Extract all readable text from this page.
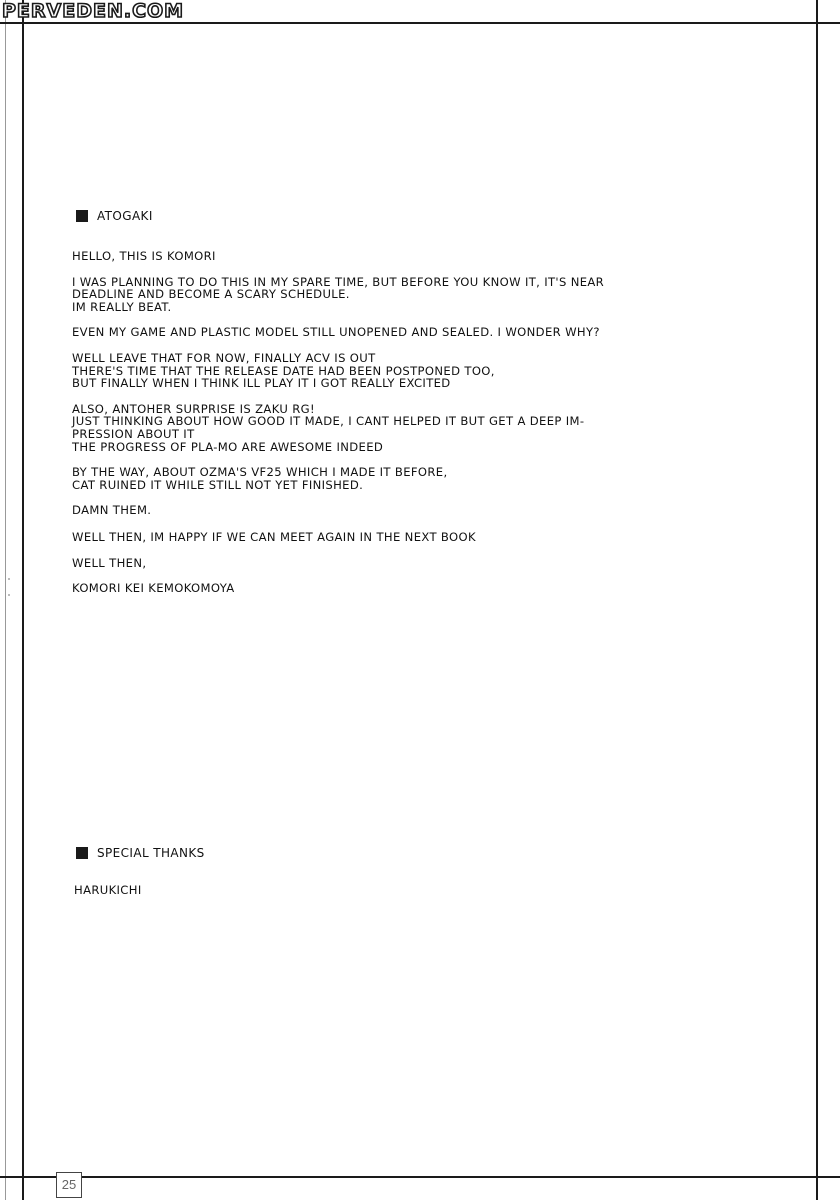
PERVEDEN.COM
ATOGAKI
HELLO, THIS IS KOMORI
I WAS PLANNING TO DO THIS IN MY SPARE TIME, BUT BEFORE YOU KNOW IT, IT'S NEAR
DEADLINE AND BECOME A SCARY SCHEDULE.
IM REALLY BEAT.
EVEN MY GAME AND PLASTIC MODEL STILL UNOPENED AND SEALED. I WONDER WHY?
WELL LEAVE THAT FOR NOW, FINALLY ACV IS OUT
THERE'S TIME THAT THE RELEASE DATE HAD BEEN POSTPONED TOO,
BUT FINALLY WHEN I THINK ILL PLAY IT I GOT REALLY EXCITED
ALSO, ANTOHER SURPRISE IS ZAKU RG!
JUST THINKING ABOUT HOW GOOD IT MADE, I CANT HELPED IT BUT GET A DEEP IM-
PRESSION ABOUT IT
THE PROGRESS OF PLA-MO ARE AWESOME INDEED
BY THE WAY, ABOUT OZMA'S VF25 WHICH I MADE IT BEFORE,
CAT RUINED IT WHILE STILL NOT YET FINISHED.
DAMN THEM.
WELL THEN, IM HAPPY IF WE CAN MEET AGAIN IN THE NEXT BOOK
WELL THEN,
KOMORI KEI KEMOKOMOYA
SPECIAL THANKS
HARUKICHI
25
